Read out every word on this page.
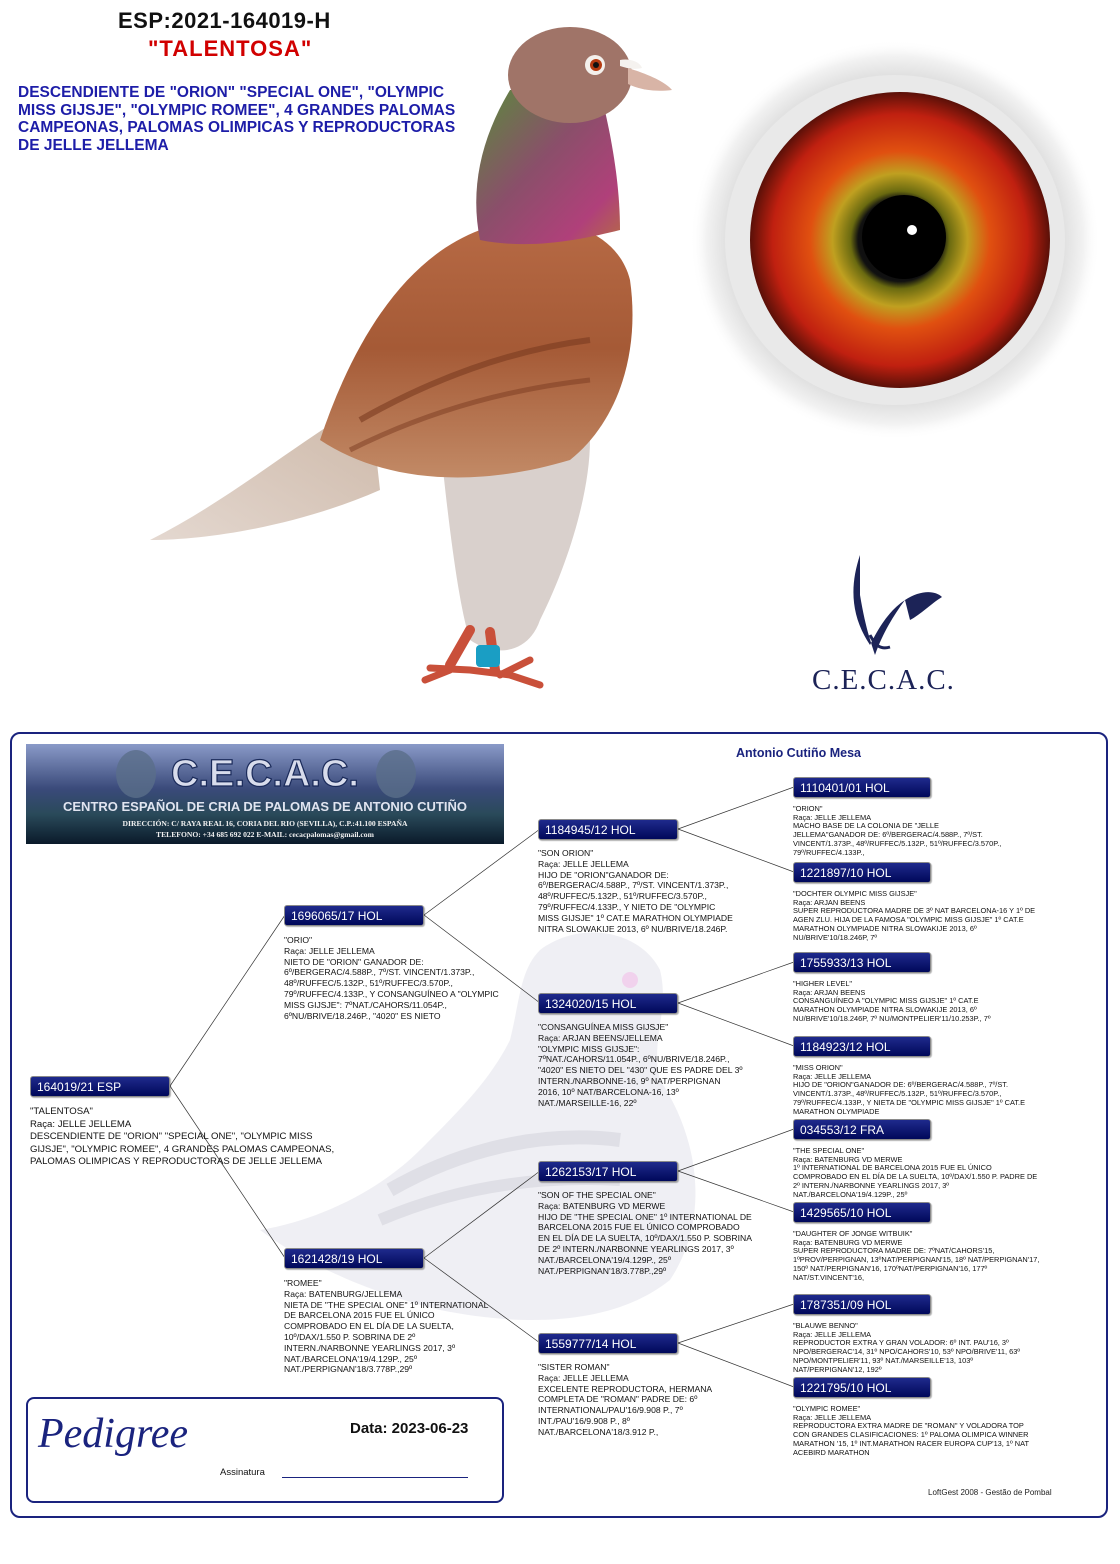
ESP:2021-164019-H
"TALENTOSA"
DESCENDIENTE DE "ORION" "SPECIAL ONE", "OLYMPIC MISS GIJSJE", "OLYMPIC ROMEE", 4 GRANDES PALOMAS CAMPEONAS, PALOMAS OLIMPICAS Y REPRODUCTORAS DE JELLE JELLEMA
C.E.C.A.C.
C.E.C.A.C.
CENTRO ESPAÑOL DE CRIA DE PALOMAS DE ANTONIO CUTIÑO
DIRECCIÓN: C/ RAYA REAL 16, CORIA DEL RIO (SEVILLA), C.P.:41.100 ESPAÑA
TELEFONO: +34 685 692 022 E-MAIL: cecacpalomas@gmail.com
Antonio Cutiño Mesa
164019/21 ESP
"TALENTOSA"
Raça: JELLE JELLEMA
DESCENDIENTE DE "ORION" "SPECIAL ONE", "OLYMPIC MISS GIJSJE", "OLYMPIC ROMEE", 4 GRANDES PALOMAS CAMPEONAS, PALOMAS OLIMPICAS Y REPRODUCTORAS DE JELLE JELLEMA
1696065/17 HOL
"ORIO"
Raça: JELLE JELLEMA
NIETO DE "ORION" GANADOR DE: 6º/BERGERAC/4.588P., 7º/ST. VINCENT/1.373P., 48º/RUFFEC/5.132P., 51º/RUFFEC/3.570P., 79º/RUFFEC/4.133P., Y CONSANGUÍNEO A "OLYMPIC MISS GIJSJE": 7ºNAT./CAHORS/11.054P., 6ºNU/BRIVE/18.246P., "4020" ES NIETO
1621428/19 HOL
"ROMEE"
Raça: BATENBURG/JELLEMA
NIETA DE "THE SPECIAL ONE" 1º INTERNATIONAL DE BARCELONA 2015 FUE EL ÚNICO COMPROBADO EN EL DÍA DE LA SUELTA, 10º/DAX/1.550 P. SOBRINA DE 2º INTERN./NARBONNE YEARLINGS 2017, 3º NAT./BARCELONA'19/4.129P., 25º NAT./PERPIGNAN'18/3.778P.,29º
1184945/12 HOL
"SON ORION"
Raça: JELLE JELLEMA
HIJO DE "ORION"GANADOR DE: 6º/BERGERAC/4.588P., 7º/ST. VINCENT/1.373P., 48º/RUFFEC/5.132P., 51º/RUFFEC/3.570P., 79º/RUFFEC/4.133P., Y NIETO DE "OLYMPIC MISS GIJSJE" 1º CAT.E MARATHON OLYMPIADE NITRA SLOWAKIJE 2013, 6º NU/BRIVE/18.246P.
1324020/15 HOL
"CONSANGUÍNEA MISS GIJSJE"
Raça: ARJAN BEENS/JELLEMA
"OLYMPIC MISS GIJSJE": 7ºNAT./CAHORS/11.054P., 6ºNU/BRIVE/18.246P., "4020" ES NIETO DEL "430" QUE ES PADRE DEL 3º INTERN./NARBONNE-16, 9º NAT/PERPIGNAN 2016, 10º NAT/BARCELONA-16, 13º NAT./MARSEILLE-16, 22º
1262153/17 HOL
"SON OF THE SPECIAL ONE"
Raça: BATENBURG VD MERWE
HIJO DE "THE SPECIAL ONE" 1º INTERNATIONAL DE BARCELONA 2015 FUE EL ÚNICO COMPROBADO EN EL DÍA DE LA SUELTA, 10º/DAX/1.550 P. SOBRINA DE 2º INTERN./NARBONNE YEARLINGS 2017, 3º NAT./BARCELONA'19/4.129P., 25º NAT./PERPIGNAN'18/3.778P.,29º
1559777/14 HOL
"SISTER ROMAN"
Raça: JELLE JELLEMA
EXCELENTE REPRODUCTORA, HERMANA COMPLETA DE "ROMAN" PADRE DE: 6º INTERNATIONAL/PAU'16/9.908 P., 7º INT./PAU'16/9.908 P., 8º NAT./BARCELONA'18/3.912 P.,
1110401/01 HOL
"ORION"
Raça: JELLE JELLEMA
MACHO BASE DE LA COLONIA DE "JELLE JELLEMA"GANADOR DE: 6º/BERGERAC/4.588P., 7º/ST. VINCENT/1.373P., 48º/RUFFEC/5.132P., 51º/RUFFEC/3.570P., 79º/RUFFEC/4.133P.,
1221897/10 HOL
"DOCHTER OLYMPIC MISS GIJSJE"
Raça: ARJAN BEENS
SUPER REPRODUCTORA MADRE DE 3º NAT BARCELONA-16 Y 1º DE AGEN ZLU. HIJA DE LA FAMOSA "OLYMPIC MISS GIJSJE" 1º CAT.E MARATHON OLYMPIADE NITRA SLOWAKIJE 2013, 6º NU/BRIVE'10/18.246P, 7º
1755933/13 HOL
"HIGHER LEVEL"
Raça: ARJAN BEENS
CONSANGUÍNEO A "OLYMPIC MISS GIJSJE" 1º CAT.E MARATHON OLYMPIADE NITRA SLOWAKIJE 2013, 6º NU/BRIVE'10/18.246P, 7º NU/MONTPELIER'11/10.253P., 7º
1184923/12 HOL
"MISS ORION"
Raça: JELLE JELLEMA
HIJO DE "ORION"GANADOR DE: 6º/BERGERAC/4.588P., 7º/ST. VINCENT/1.373P., 48º/RUFFEC/5.132P., 51º/RUFFEC/3.570P., 79º/RUFFEC/4.133P., Y NIETA DE "OLYMPIC MISS GIJSJE" 1º CAT.E MARATHON OLYMPIADE
034553/12 FRA
"THE SPECIAL ONE"
Raça: BATENBURG VD MERWE
1º INTERNATIONAL DE BARCELONA 2015 FUE EL ÚNICO COMPROBADO EN EL DÍA DE LA SUELTA, 10º/DAX/1.550 P. PADRE DE 2º INTERN./NARBONNE YEARLINGS 2017, 3º NAT./BARCELONA'19/4.129P., 25º
1429565/10 HOL
"DAUGHTER OF JONGE WITBUIK"
Raça: BATENBURG VD MERWE
SUPER REPRODUCTORA MADRE DE: 7ºNAT/CAHORS'15, 1ºPROV/PERPIGNAN, 13ºNAT/PERPIGNAN'15, 18º NAT/PERPIGNAN'17, 150º NAT/PERPIGNAN'16, 170ºNAT/PERPIGNAN'16, 177º NAT/ST.VINCENT'16,
1787351/09 HOL
"BLAUWE BENNO"
Raça: JELLE JELLEMA
REPRODUCTOR EXTRA Y GRAN VOLADOR: 6º INT. PAU'16, 3º NPO/BERGERAC'14, 31º NPO/CAHORS'10, 53º NPO/BRIVE'11, 63º NPO/MONTPELIER'11, 93º NAT./MARSEILLE'13, 103º NAT/PERPIGNAN'12, 192º
1221795/10 HOL
"OLYMPIC ROMEE"
Raça: JELLE JELLEMA
REPRODUCTORA EXTRA MADRE DE "ROMAN" Y VOLADORA TOP CON GRANDES CLASIFICACIONES: 1º PALOMA OLIMPICA WINNER MARATHON '15, 1º INT.MARATHON RACER EUROPA CUP'13, 1º NAT ACEBIRD MARATHON
Pedigree	Data: 2023-06-23
Assinatura
LoftGest 2008 - Gestão de Pombal
